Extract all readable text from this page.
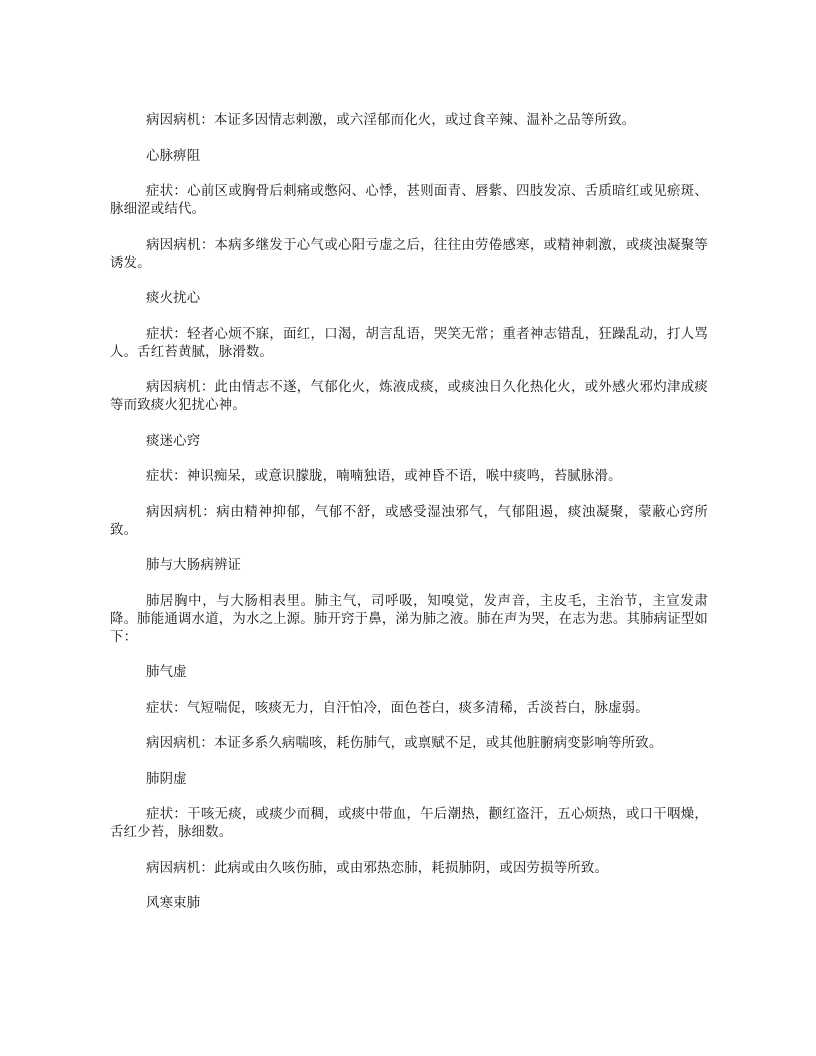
病因病机：本证多因情志刺激，或六淫郁而化火，或过食辛辣、温补之品等所致。

心脉痹阻

症状：心前区或胸骨后刺痛或憋闷、心悸，甚则面青、唇紫、四肢发凉、舌质暗红或见瘀斑、脉细涩或结代。

病因病机：本病多继发于心气或心阳亏虚之后，往往由劳倦感寒，或精神刺激，或痰浊凝聚等诱发。

痰火扰心

症状：轻者心烦不寐，面红，口渴，胡言乱语，哭笑无常；重者神志错乱，狂躁乱动，打人骂人。舌红苔黄腻，脉滑数。

病因病机：此由情志不遂，气郁化火，炼液成痰，或痰浊日久化热化火，或外感火邪灼津成痰等而致痰火犯扰心神。

痰迷心窍

症状：神识痴呆，或意识朦胧，喃喃独语，或神昏不语，喉中痰鸣，苔腻脉滑。

病因病机：病由精神抑郁，气郁不舒，或感受湿浊邪气，气郁阻遏，痰浊凝聚，蒙蔽心窍所致。

肺与大肠病辨证

肺居胸中，与大肠相表里。肺主气，司呼吸，知嗅觉，发声音，主皮毛，主治节，主宣发肃降。肺能通调水道，为水之上源。肺开窍于鼻，涕为肺之液。肺在声为哭，在志为悲。其肺病证型如下：

肺气虚

症状：气短喘促，咳痰无力，自汗怕冷，面色苍白，痰多清稀，舌淡苔白，脉虚弱。

病因病机：本证多系久病喘咳，耗伤肺气，或禀赋不足，或其他脏腑病变影响等所致。

肺阴虚

症状：干咳无痰，或痰少而稠，或痰中带血，午后潮热，颧红盗汗，五心烦热，或口干咽燥，舌红少苔，脉细数。

病因病机：此病或由久咳伤肺，或由邪热恋肺，耗损肺阴，或因劳损等所致。

风寒束肺
